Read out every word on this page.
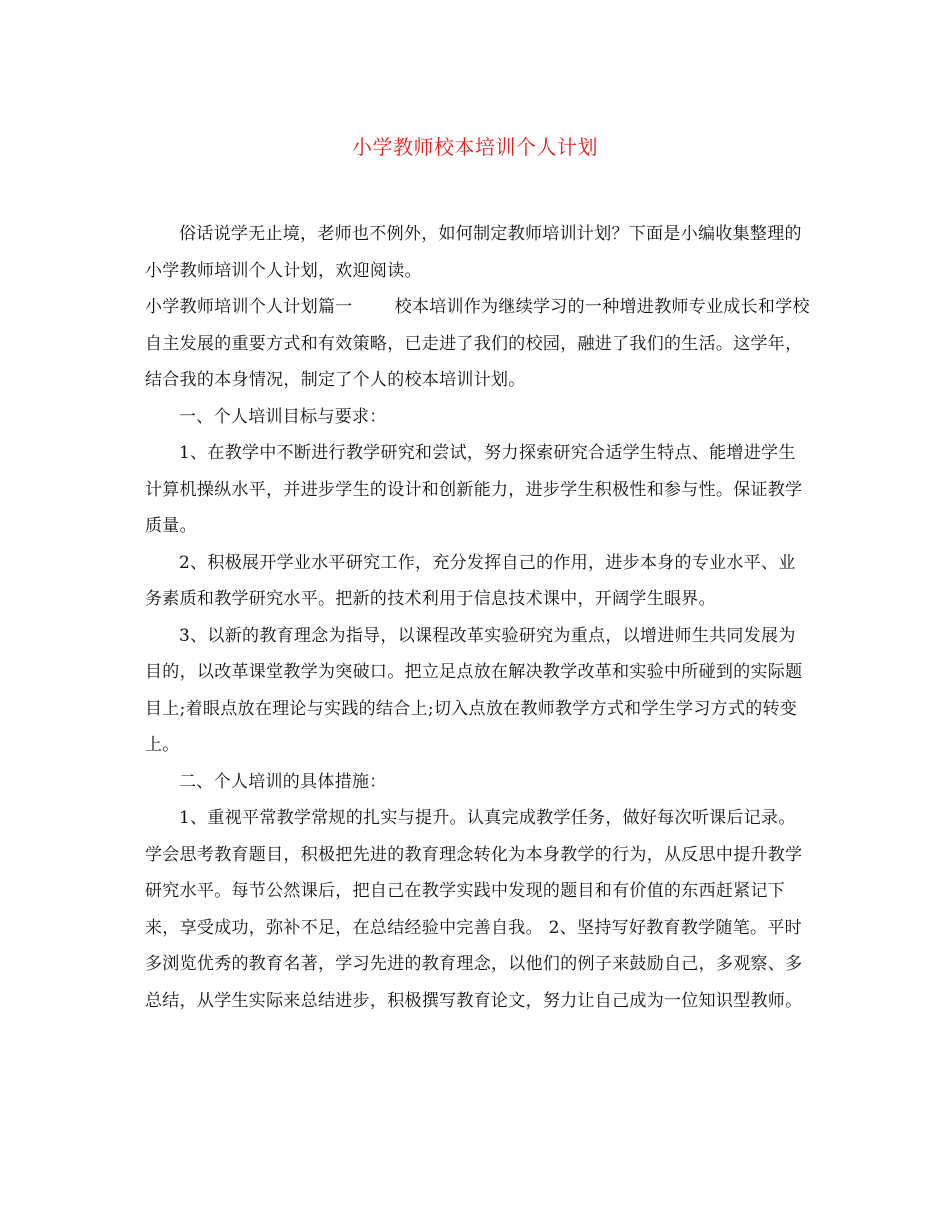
小学教师校本培训个人计划

俗话说学无止境，老师也不例外，如何制定教师培训计划？下面是小编收集整理的小学教师培训个人计划，欢迎阅读。

小学教师培训个人计划篇一 校本培训作为继续学习的一种增进教师专业成长和学校自主发展的重要方式和有效策略，已走进了我们的校园，融进了我们的生活。这学年，结合我的本身情况，制定了个人的校本培训计划。

一、个人培训目标与要求：

1、在教学中不断进行教学研究和尝试，努力探索研究合适学生特点、能增进学生计算机操纵水平，并进步学生的设计和创新能力，进步学生积极性和参与性。保证教学质量。

2、积极展开学业水平研究工作，充分发挥自己的作用，进步本身的专业水平、业务素质和教学研究水平。把新的技术利用于信息技术课中，开阔学生眼界。

3、以新的教育理念为指导，以课程改革实验研究为重点，以增进师生共同发展为目的，以改革课堂教学为突破口。把立足点放在解决教学改革和实验中所碰到的实际题目上;着眼点放在理论与实践的结合上;切入点放在教师教学方式和学生学习方式的转变上。

二、个人培训的具体措施：

1、重视平常教学常规的扎实与提升。认真完成教学任务，做好每次听课后记录。学会思考教育题目，积极把先进的教育理念转化为本身教学的行为，从反思中提升教学研究水平。每节公然课后，把自己在教学实践中发现的题目和有价值的东西赶紧记下来，享受成功，弥补不足，在总结经验中完善自我。 2、坚持写好教育教学随笔。平时多浏览优秀的教育名著，学习先进的教育理念，以他们的例子来鼓励自己，多观察、多总结，从学生实际来总结进步，积极撰写教育论文，努力让自己成为一位知识型教师。
